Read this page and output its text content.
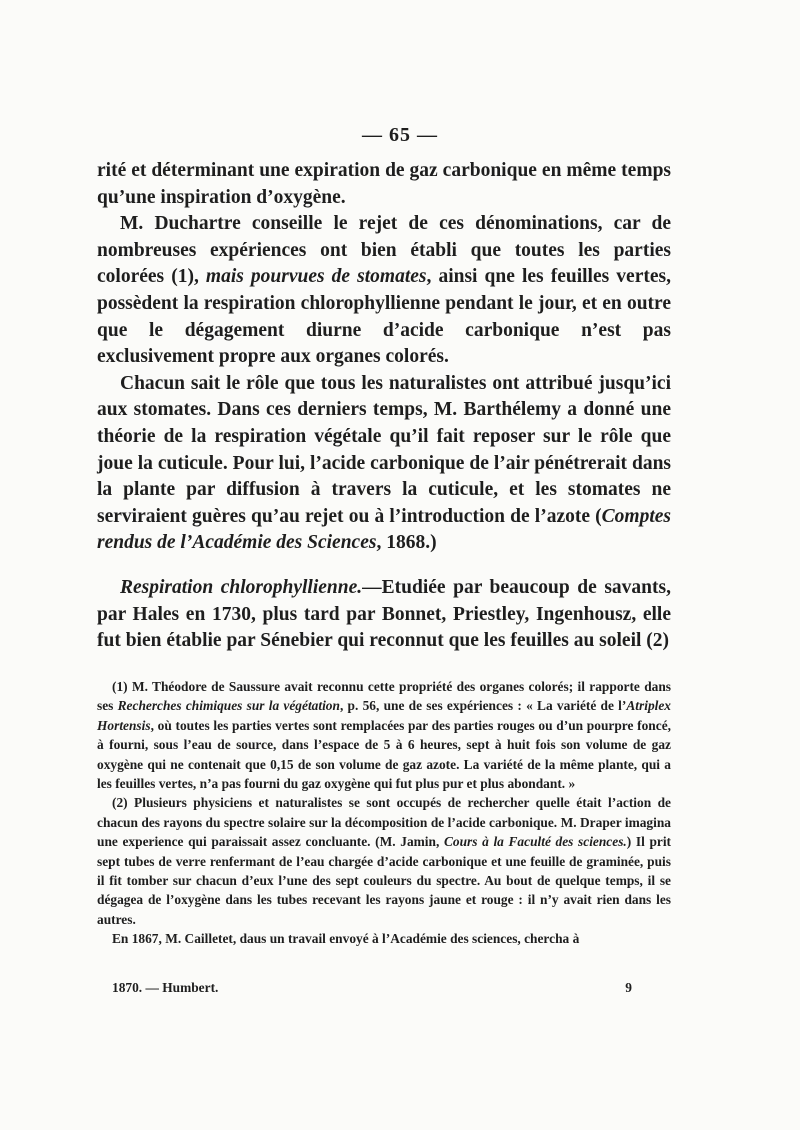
— 65 —

rité et déterminant une expiration de gaz carbonique en même temps qu’une inspiration d’oxygène.

M. Duchartre conseille le rejet de ces dénominations, car de nombreuses expériences ont bien établi que toutes les parties colorées (1), mais pourvues de stomates, ainsi qne les feuilles vertes, possèdent la respiration chlorophyllienne pendant le jour, et en outre que le dégagement diurne d’acide carbonique n’est pas exclusivement propre aux organes colorés.

Chacun sait le rôle que tous les naturalistes ont attribué jusqu’ici aux stomates. Dans ces derniers temps, M. Barthélemy a donné une théorie de la respiration végétale qu’il fait reposer sur le rôle que joue la cuticule. Pour lui, l’acide carbonique de l’air pénétrerait dans la plante par diffusion à travers la cuticule, et les stomates ne serviraient guères qu’au rejet ou à l’introduction de l’azote (Comptes rendus de l’Académie des Sciences, 1868.)

Respiration chlorophyllienne.—Etudiée par beaucoup de savants, par Hales en 1730, plus tard par Bonnet, Priestley, Ingenhousz, elle fut bien établie par Sénebier qui reconnut que les feuilles au soleil (2)

(1) M. Théodore de Saussure avait reconnu cette propriété des organes colorés; il rapporte dans ses Recherches chimiques sur la végétation, p. 56, une de ses expériences : « La variété de l’Atriplex Hortensis, où toutes les parties vertes sont remplacées par des parties rouges ou d’un pourpre foncé, à fourni, sous l’eau de source, dans l’espace de 5 à 6 heures, sept à huit fois son volume de gaz oxygène qui ne contenait que 0,15 de son volume de gaz azote. La variété de la même plante, qui a les feuilles vertes, n’a pas fourni du gaz oxygène qui fut plus pur et plus abondant. »

(2) Plusieurs physiciens et naturalistes se sont occupés de rechercher quelle était l’action de chacun des rayons du spectre solaire sur la décomposition de l’acide carbonique. M. Draper imagina une experience qui paraissait assez concluante. (M. Jamin, Cours à la Faculté des sciences.) Il prit sept tubes de verre renfermant de l’eau chargée d’acide carbonique et une feuille de graminée, puis il fit tomber sur chacun d’eux l’une des sept couleurs du spectre. Au bout de quelque temps, il se dégagea de l’oxygène dans les tubes recevant les rayons jaune et rouge : il n’y avait rien dans les autres.

En 1867, M. Cailletet, daus un travail envoyé à l’Académie des sciences, chercha à

1870. — Humbert.	9
